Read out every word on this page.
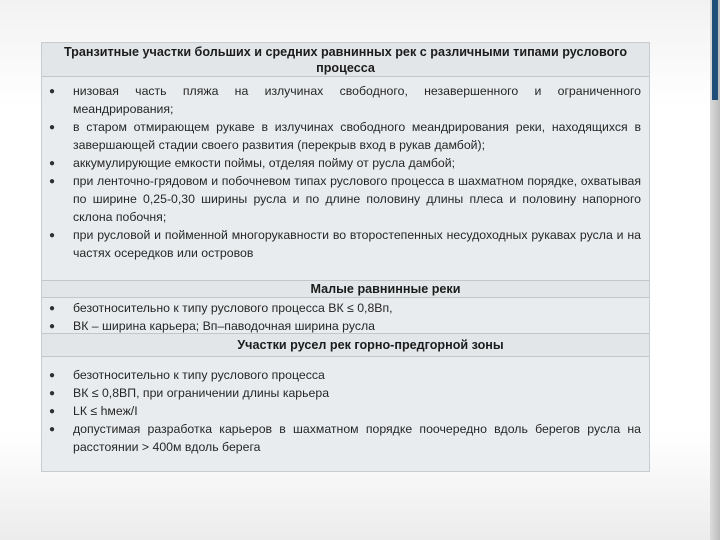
Транзитные участки больших и средних равнинных рек с различными типами руслового процесса
● низовая часть пляжа на излучинах свободного, незавершенного и ограниченного меандрирования;
● в старом отмирающем рукаве в излучинах свободного меандрирования реки, находящихся в завершающей стадии своего развития (перекрыв вход в рукав дамбой);
● аккумулирующие емкости поймы, отделяя пойму от русла дамбой;
● при ленточно-грядовом и побочневом типах руслового процесса в шахматном порядке, охватывая по ширине 0,25-0,30 ширины русла и по длине половину длины плеса и половину напорного склона побочня;
● при русловой и пойменной многорукавности во второстепенных несудоходных рукавах русла и на частях осередков или островов
Малые равнинные реки
● безотносительно к типу руслового процесса ВК ≤ 0,8Вп,
● ВК – ширина карьера; Вп–паводочная ширина русла
Участки русел рек горно-предгорной зоны
● безотносительно к типу руслового процесса
● ВК ≤ 0,8ВП, при ограничении длины карьера
● LК ≤ hмеж/I
● допустимая разработка карьеров в шахматном порядке поочередно вдоль берегов русла на расстоянии > 400м вдоль берега
